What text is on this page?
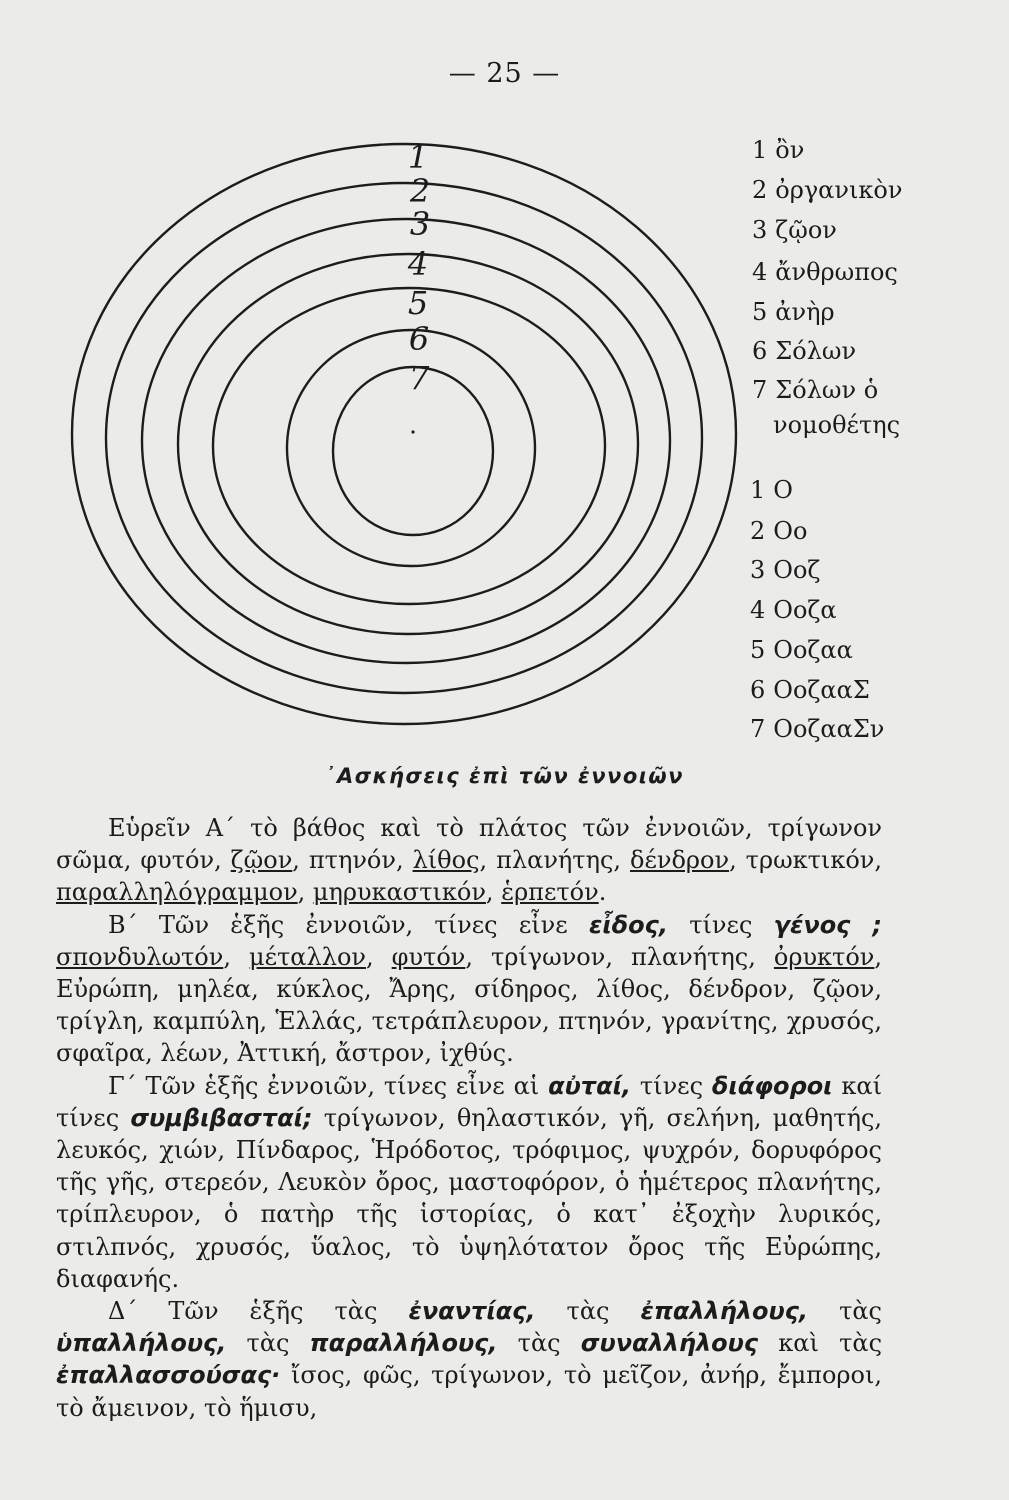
— 25 —
1
2
3
4
5
6
7
1 ὂν
2 ὀργανικὸν
3 ζῷον
4 ἄνθρωπος
5 ἀνὴρ
6 Σόλων
7 Σόλων ὁ
νομοθέτης
1 O
2 Oo
3 Ooζ
4 Ooζα
5 Ooζαα
6 OoζααΣ
7 OoζααΣν
᾿Ασκήσεις ἐπὶ τῶν ἐννοιῶν

Εὑρεῖν Α΄ τὸ βάθος καὶ τὸ πλάτος τῶν ἐννοιῶν, τρίγωνον σῶμα, φυτόν, ζῷον, πτηνόν, λίθος, πλανήτης, δένδρον, τρωκτικόν, παραλληλόγραμμον, μηρυκαστικόν, ἑρπετόν.

Β΄ Τῶν ἑξῆς ἐννοιῶν, τίνες εἶνε εἶδος, τίνες γένος ; σπονδυλωτόν, μέταλλον, φυτόν, τρίγωνον, πλανήτης, ὀρυκτόν, Εὐρώπη, μηλέα, κύκλος, Ἄρης, σίδηρος, λίθος, δένδρον, ζῷον, τρίγλη, καμπύλη, Ἑλλάς, τετράπλευρον, πτηνόν, γρανίτης, χρυσός, σφαῖρα, λέων, Ἀττική, ἄστρον, ἰχθύς.

Γ΄ Τῶν ἑξῆς ἐννοιῶν, τίνες εἶνε αἱ αὐταί, τίνες διάφοροι καί τίνες συμβιβασταί; τρίγωνον, θηλαστικόν, γῆ, σελήνη, μαθητής, λευκός, χιών, Πίνδαρος, Ἡρόδοτος, τρόφιμος, ψυχρόν, δορυφόρος τῆς γῆς, στερεόν, Λευκὸν ὄρος, μαστοφόρον, ὁ ἡμέτερος πλανήτης, τρίπλευρον, ὁ πατὴρ τῆς ἱστορίας, ὁ κατ᾽ ἐξοχὴν λυρικός, στιλπνός, χρυσός, ὕαλος, τὸ ὑψηλότατον ὄρος τῆς Εὐρώπης, διαφανής.

Δ΄ Τῶν ἑξῆς τὰς ἐναντίας, τὰς ἐπαλλήλους, τὰς ὑπαλλήλους, τὰς παραλλήλους, τὰς συναλλήλους καὶ τὰς ἐπαλλασσούσας· ἴσος, φῶς, τρίγωνον, τὸ μεῖζον, ἀνήρ, ἔμποροι, τὸ ἄμεινον, τὸ ἥμισυ,
